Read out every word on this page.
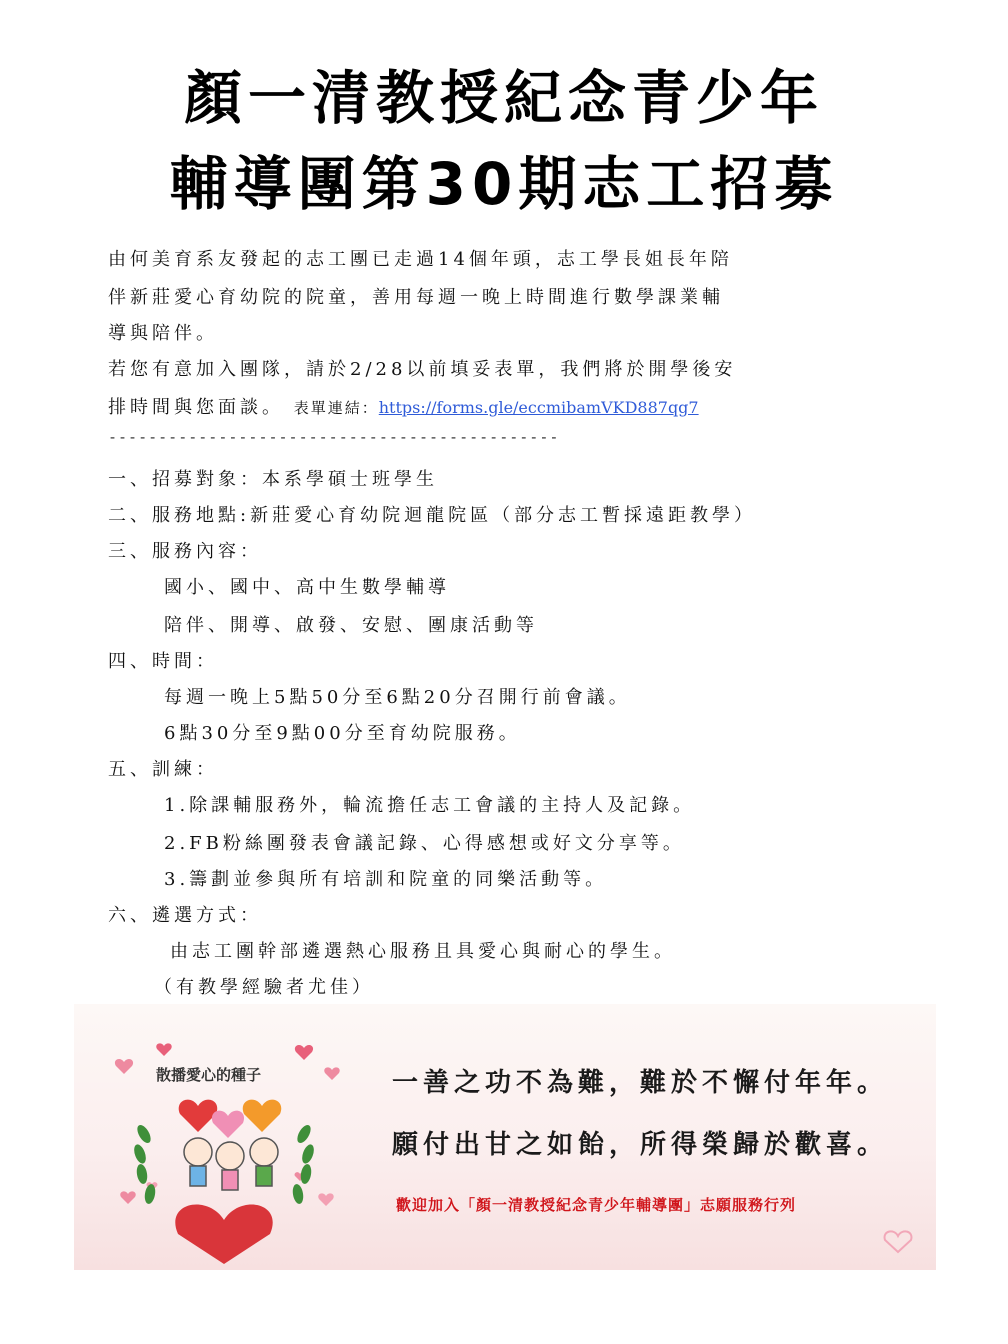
顏一清教授紀念青少年
輔導團第30期志工招募
由何美育系友發起的志工團已走過14個年頭，志工學長姐長年陪
伴新莊愛心育幼院的院童，善用每週一晚上時間進行數學課業輔
導與陪伴。
若您有意加入團隊，請於2/28以前填妥表單，我們將於開學後安
排時間與您面談。 表單連結：https://forms.gle/eccmibamVKD887qg7
---------------------------------------------
一、招募對象：本系學碩士班學生
二、服務地點:新莊愛心育幼院迴龍院區（部分志工暫採遠距教學）
三、服務內容：
國小、國中、高中生數學輔導
陪伴、開導、啟發、安慰、團康活動等
四、時間：
每週一晚上5點50分至6點20分召開行前會議。
6點30分至9點00分至育幼院服務。
五、訓練：
1.除課輔服務外，輪流擔任志工會議的主持人及記錄。
2.FB粉絲團發表會議記錄、心得感想或好文分享等。
3.籌劃並參與所有培訓和院童的同樂活動等。
六、遴選方式：
由志工團幹部遴選熱心服務且具愛心與耐心的學生。
（有教學經驗者尤佳）
散播愛心的種子	一善之功不為難，難於不懈付年年。
願付出甘之如飴，所得榮歸於歡喜。
歡迎加入「顏一清教授紀念青少年輔導團」志願服務行列
